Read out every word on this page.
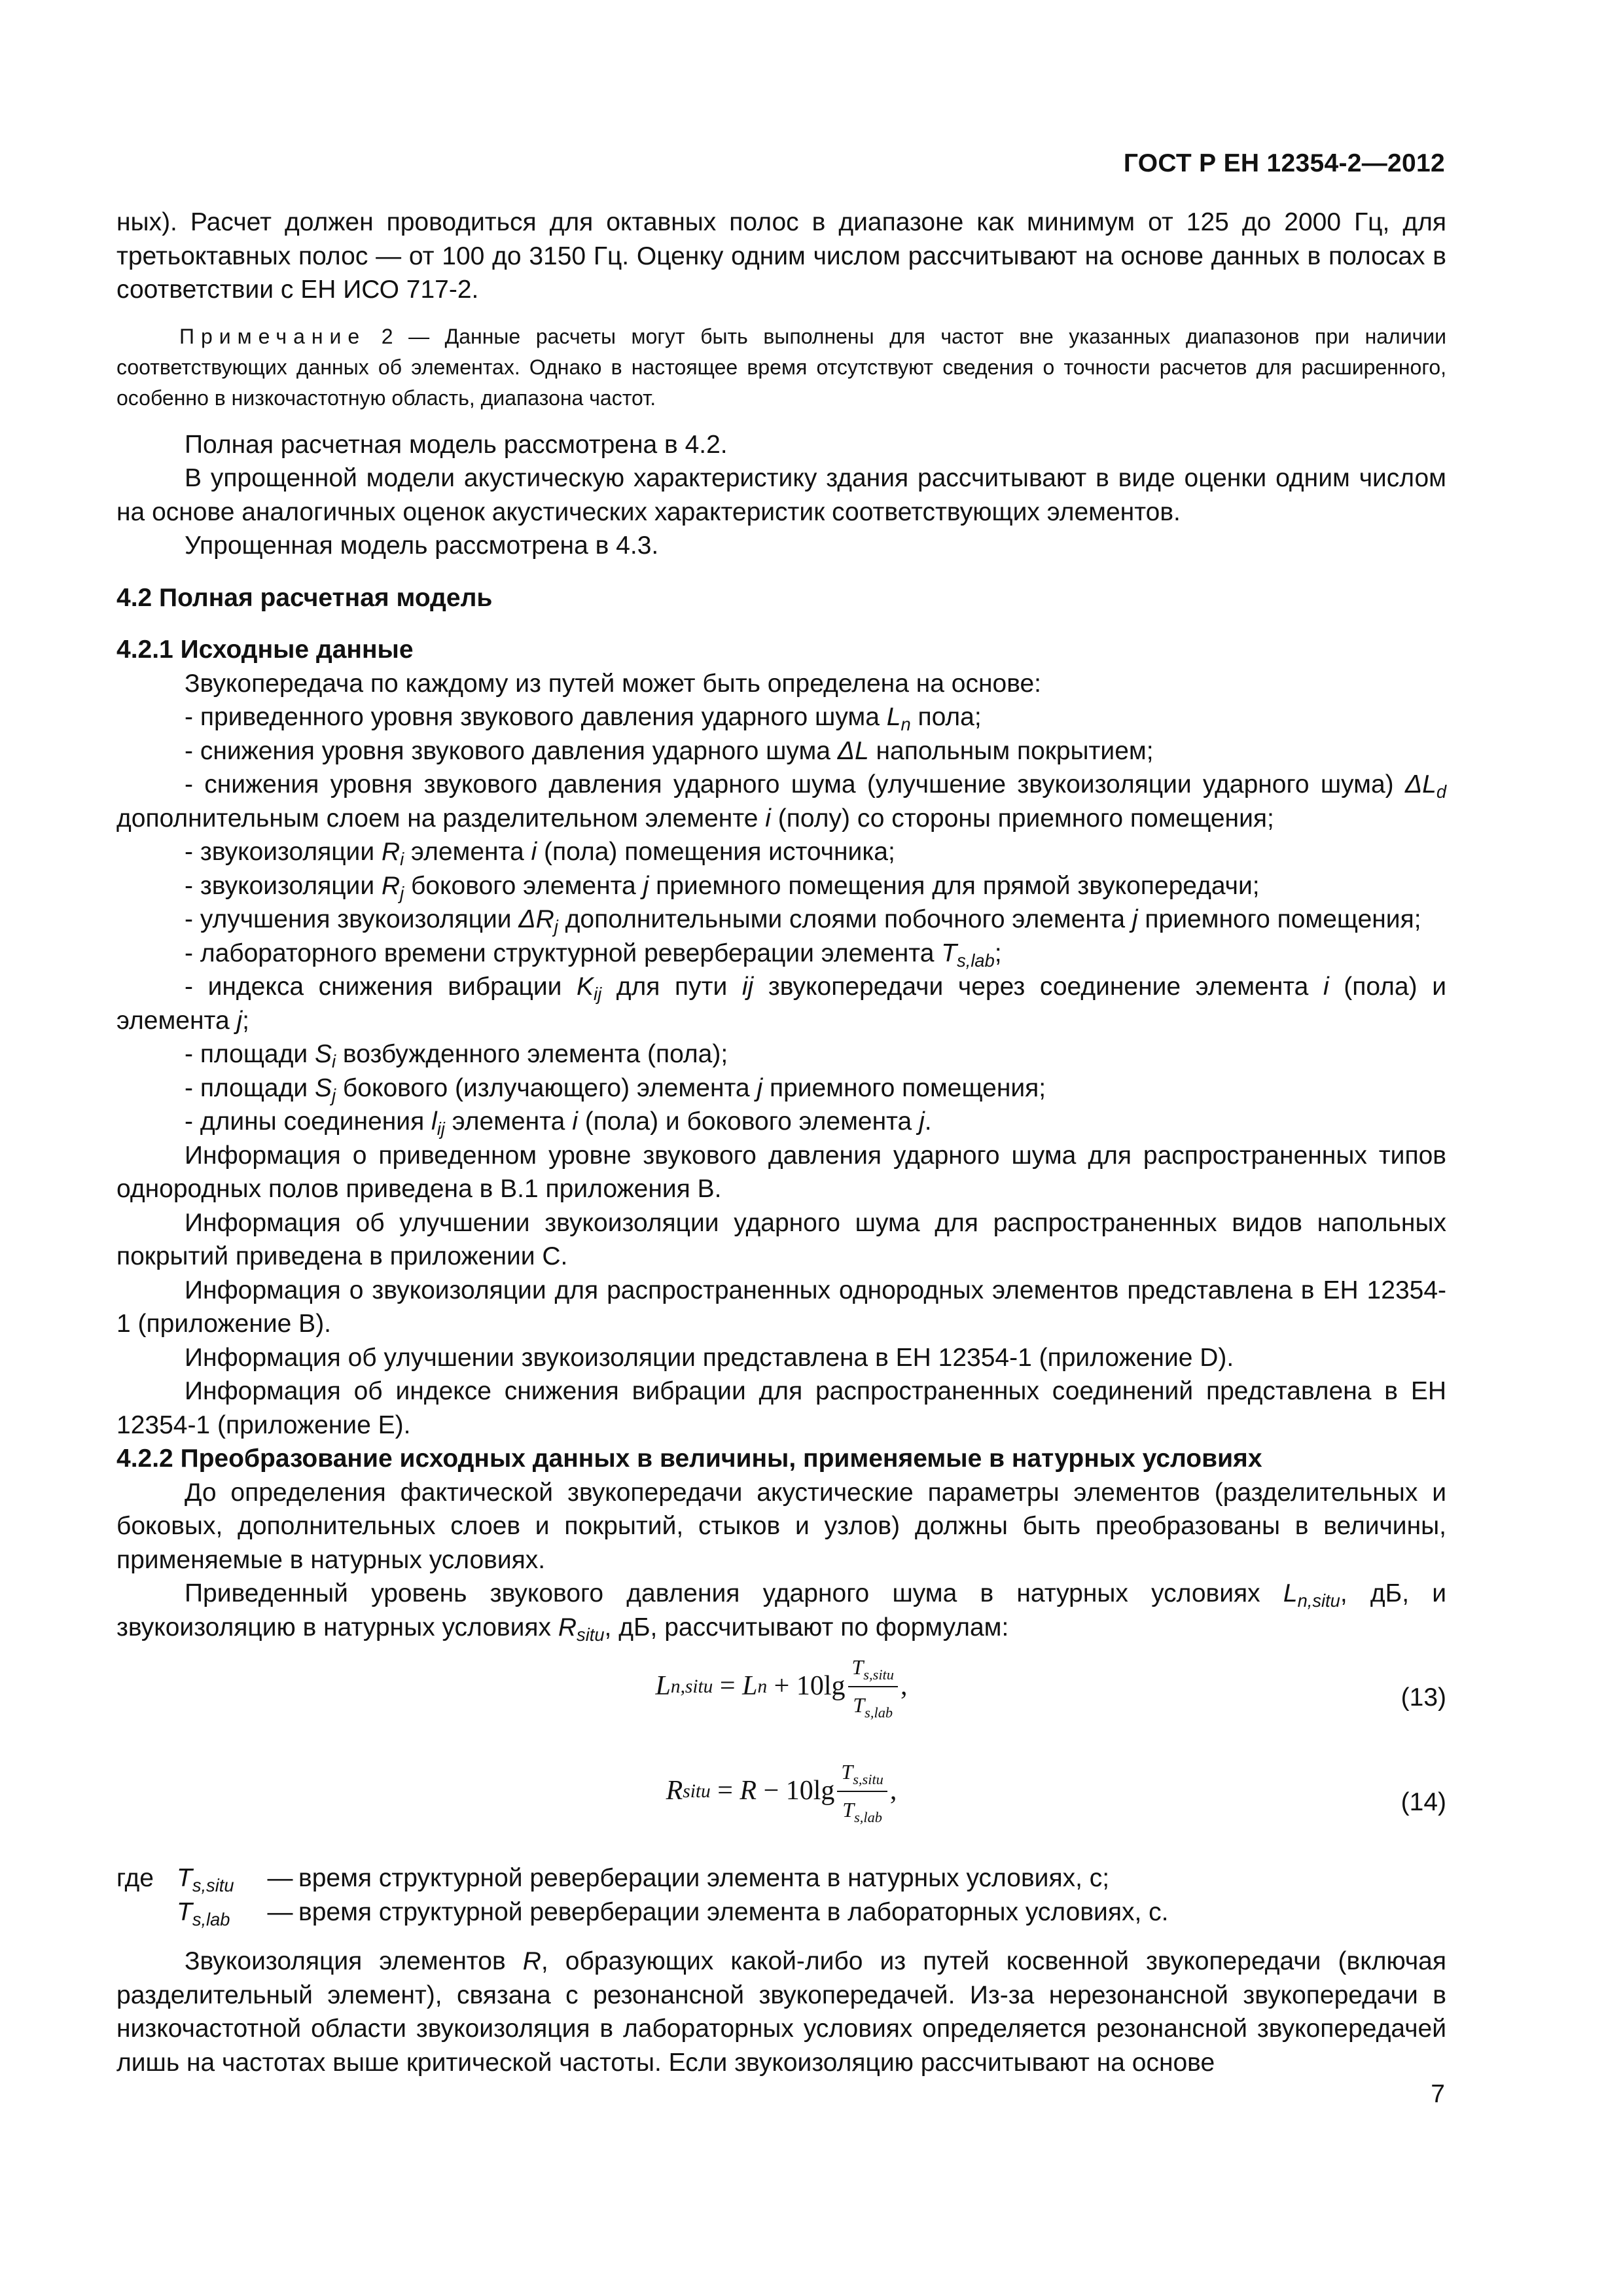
ГОСТ Р ЕН 12354-2—2012

ных). Расчет должен проводиться для октавных полос в диапазоне как минимум от 125 до 2000 Гц, для третьоктавных полос — от 100 до 3150 Гц. Оценку одним числом рассчитывают на основе данных в полосах в соответствии с ЕН ИСО 717-2.

Примечание 2 — Данные расчеты могут быть выполнены для частот вне указанных диапазонов при наличии соответствующих данных об элементах. Однако в настоящее время отсутствуют сведения о точности расчетов для расширенного, особенно в низкочастотную область, диапазона частот.

Полная расчетная модель рассмотрена в 4.2.

В упрощенной модели акустическую характеристику здания рассчитывают в виде оценки одним числом на основе аналогичных оценок акустических характеристик соответствующих элементов.

Упрощенная модель рассмотрена в 4.3.

4.2 Полная расчетная модель

4.2.1 Исходные данные

Звукопередача по каждому из путей может быть определена на основе:

- приведенного уровня звукового давления ударного шума $L_n$ пола;

- снижения уровня звукового давления ударного шума ΔL напольным покрытием;

- снижения уровня звукового давления ударного шума (улучшение звукоизоляции ударного шума) $\Delta L_d$ дополнительным слоем на разделительном элементе i (полу) со стороны приемного помещения;

- звукоизоляции $R_i$ элемента i (пола) помещения источника;

- звукоизоляции $R_j$ бокового элемента j приемного помещения для прямой звукопередачи;

- улучшения звукоизоляции $\Delta R_j$ дополнительными слоями побочного элемента j приемного помещения;

- лабораторного времени структурной реверберации элемента $T_{s,lab}$;

- индекса снижения вибрации $K_{ij}$ для пути ij звукопередачи через соединение элемента i (пола) и элемента j;

- площади $S_i$ возбужденного элемента (пола);

- площади $S_j$ бокового (излучающего) элемента j приемного помещения;

- длины соединения $l_{ij}$ элемента i (пола) и бокового элемента j.

Информация о приведенном уровне звукового давления ударного шума для распространенных типов однородных полов приведена в В.1 приложения В.

Информация об улучшении звукоизоляции ударного шума для распространенных видов напольных покрытий приведена в приложении С.

Информация о звукоизоляции для распространенных однородных элементов представлена в ЕН 12354-1 (приложение В).

Информация об улучшении звукоизоляции представлена в ЕН 12354-1 (приложение D).

Информация об индексе снижения вибрации для распространенных соединений представлена в ЕН 12354-1 (приложение Е).

4.2.2 Преобразование исходных данных в величины, применяемые в натурных условиях

До определения фактической звукопередачи акустические параметры элементов (разделительных и боковых, дополнительных слоев и покрытий, стыков и узлов) должны быть преобразованы в величины, применяемые в натурных условиях.

Приведенный уровень звукового давления ударного шума в натурных условиях $L_{n,situ}$, дБ, и звукоизоляцию в натурных условиях $R_{situ}$, дБ, рассчитывают по формулам:

L n,situ = L $n + 10\lg \frac{T_{s,situ}}{T_{s,lab}}$ ,	(13)
R situ = $R - 10\lg \frac{T_{s,situ}}{T_{s,lab}}$ ,	(14)
где $T_{s,situ}$	— время структурной реверберации элемента в натурных условиях, с;
$T_{s,lab}$	— время структурной реверберации элемента в лабораторных условиях, с.

Звукоизоляция элементов R, образующих какой-либо из путей косвенной звукопередачи (включая разделительный элемент), связана с резонансной звукопередачей. Из-за нерезонансной звукопередачи в низкочастотной области звукоизоляция в лабораторных условиях определяется резонансной звукопередачей лишь на частотах выше критической частоты. Если звукоизоляцию рассчитывают на основе

7
